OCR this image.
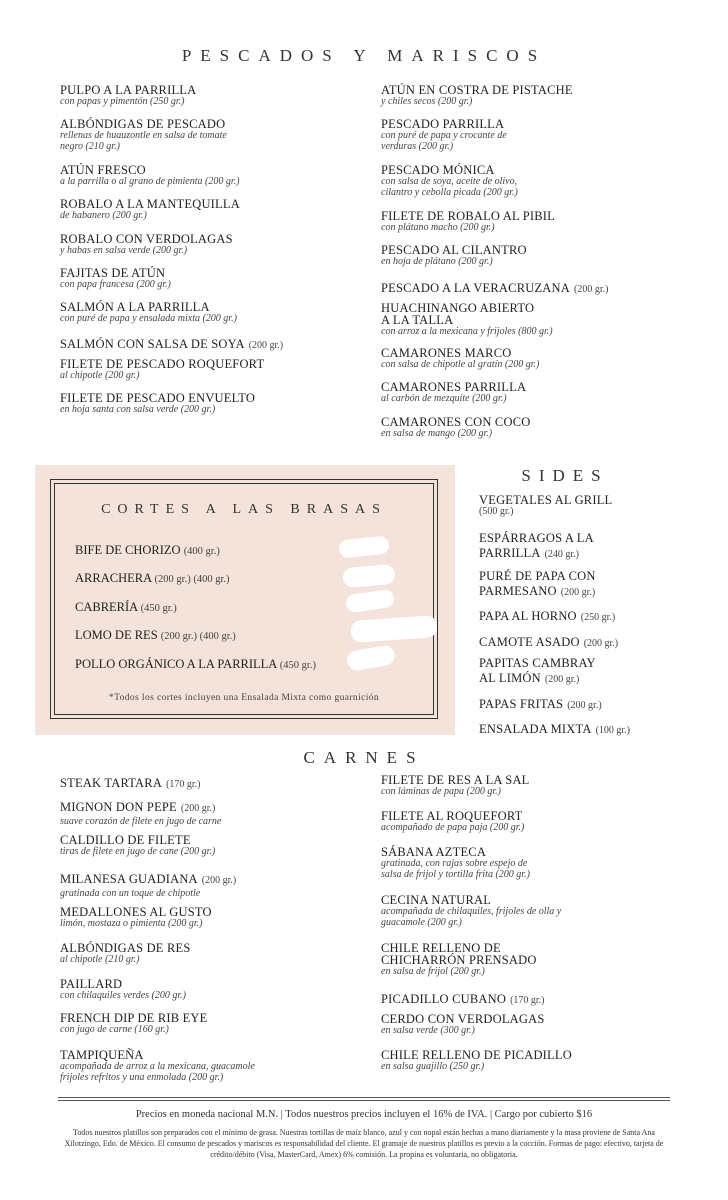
PESCADOS Y MARISCOS
PULPO A LA PARRILLA
con papas y pimentón (250 gr.)
ALBÓNDIGAS DE PESCADO
rellenas de huauzontle en salsa de tomate
negro (210 gr.)
ATÚN FRESCO
a la parrilla o al grano de pimienta (200 gr.)
ROBALO A LA MANTEQUILLA
de habanero (200 gr.)
ROBALO CON VERDOLAGAS
y habas en salsa verde (200 gr.)
FAJITAS DE ATÚN
con papa francesa (200 gr.)
SALMÓN A LA PARRILLA
con puré de papa y ensalada mixta (200 gr.)
SALMÓN CON SALSA DE SOYA (200 gr.)
FILETE DE PESCADO ROQUEFORT
al chipotle (200 gr.)
FILETE DE PESCADO ENVUELTO
en hoja santa con salsa verde (200 gr.)
ATÚN EN COSTRA DE PISTACHE
y chiles secos (200 gr.)
PESCADO PARRILLA
con puré de papa y crocante de
verduras (200 gr.)
PESCADO MÓNICA
con salsa de soya, aceite de olivo,
cilantro y cebolla picada (200 gr.)
FILETE DE ROBALO AL PIBIL
con plátano macho (200 gr.)
PESCADO AL CILANTRO
en hoja de plátano (200 gr.)
PESCADO A LA VERACRUZANA (200 gr.)
HUACHINANGO ABIERTO
A LA TALLA
con arroz a la mexicana y frijoles (800 gr.)
CAMARONES MARCO
con salsa de chipotle al gratín (200 gr.)
CAMARONES PARRILLA
al carbón de mezquite (200 gr.)
CAMARONES CON COCO
en salsa de mango (200 gr.)
CORTES A LAS BRASAS
BIFE DE CHORIZO (400 gr.)
ARRACHERA (200 gr.) (400 gr.)
CABRERÍA (450 gr.)
LOMO DE RES (200 gr.) (400 gr.)
POLLO ORGÁNICO A LA PARRILLA (450 gr.)
*Todos los cortes incluyen una Ensalada Mixta como guarnición
SIDES
VEGETALES AL GRILL
(500 gr.)
ESPÁRRAGOS A LA
PARRILLA (240 gr.)
PURÉ DE PAPA CON
PARMESANO (200 gr.)
PAPA AL HORNO (250 gr.)
CAMOTE ASADO (200 gr.)
PAPITAS CAMBRAY
AL LIMÓN (200 gr.)
PAPAS FRITAS (200 gr.)
ENSALADA MIXTA (100 gr.)
CARNES
STEAK TARTARA (170 gr.)
MIGNON DON PEPE (200 gr.)
suave corazón de filete en jugo de carne
CALDILLO DE FILETE
tiras de filete en jugo de cane (200 gr.)
MILANESA GUADIANA (200 gr.)
gratinada con un toque de chipotle
MEDALLONES AL GUSTO
limón, mostaza o pimienta (200 gr.)
ALBÓNDIGAS DE RES
al chipotle (210 gr.)
PAILLARD
con chilaquiles verdes (200 gr.)
FRENCH DIP DE RIB EYE
con jugo de carne (160 gr.)
TAMPIQUEÑA
acompañada de arroz a la mexicana, guacamole
frijoles refritos y una enmolada (200 gr.)
FILETE DE RES A LA SAL
con láminas de papa (200 gr.)
FILETE AL ROQUEFORT
acompañado de papa paja (200 gr.)
SÁBANA AZTECA
gratinada, con rajas sobre espejo de
salsa de frijol y tortilla frita (200 gr.)
CECINA NATURAL
acompañada de chilaquiles, frijoles de olla y
guacamole (200 gr.)
CHILE RELLENO DE
CHICHARRÓN PRENSADO
en salsa de frijol (200 gr.)
PICADILLO CUBANO (170 gr.)
CERDO CON VERDOLAGAS
en salsa verde (300 gr.)
CHILE RELLENO DE PICADILLO
en salsa guajillo (250 gr.)
Precios en moneda nacional M.N. | Todos nuestros precios incluyen el 16% de IVA. | Cargo por cubierto $16
Todos nuestros platillos son preparados con el mínimo de grasa. Nuestras tortillas de maíz blanco, azul y con nopal están hechas a mano diariamente y la masa proviene de Santa Ana Xilotzingo, Edo. de México. El consumo de pescados y mariscos es responsabilidad del cliente. El gramaje de nuestros platillos es previo a la cocción. Formas de pago: efectivo, tarjeta de crédito/débito (Visa, MasterCard, Amex) 6% comisión. La propina es voluntaria, no obligatoria.
